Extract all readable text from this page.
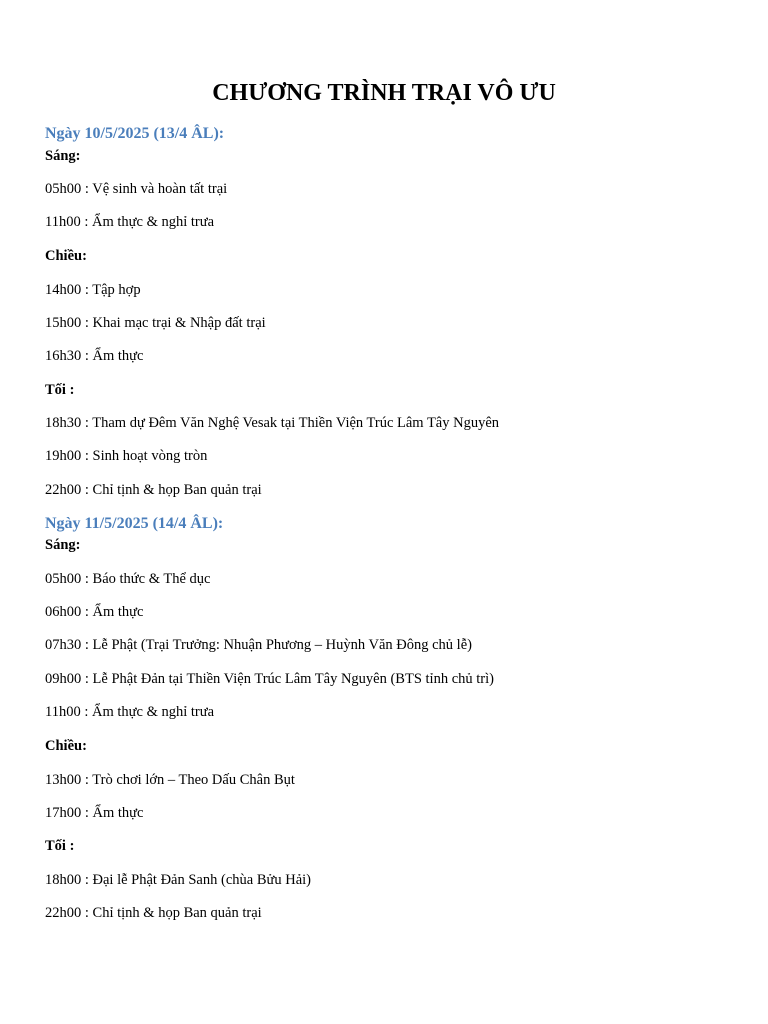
CHƯƠNG TRÌNH TRẠI VÔ ƯU
Ngày 10/5/2025 (13/4 ÂL):
Sáng:
05h00 : Vệ sinh và hoàn tất trại
11h00 : Ẩm thực & nghỉ trưa
Chiều:
14h00 : Tập hợp
15h00 : Khai mạc trại & Nhập đất trại
16h30 : Ẩm thực
Tối :
18h30 : Tham dự Đêm Văn Nghệ Vesak tại Thiền Viện Trúc Lâm Tây Nguyên
19h00 : Sinh hoạt vòng tròn
22h00 : Chỉ tịnh & họp Ban quản trại
Ngày 11/5/2025 (14/4 ÂL):
Sáng:
05h00 : Báo thức & Thể dục
06h00 : Ẩm thực
07h30 : Lễ Phật (Trại Trưởng: Nhuận Phương – Huỳnh Văn Đông chủ lễ)
09h00 : Lễ Phật Đản tại Thiền Viện Trúc Lâm Tây Nguyên (BTS tỉnh chủ trì)
11h00 : Ẩm thực & nghỉ trưa
Chiều:
13h00 : Trò chơi lớn – Theo Dấu Chân Bụt
17h00 : Ẩm thực
Tối :
18h00 : Đại lễ Phật Đản Sanh (chùa Bửu Hải)
22h00 : Chỉ tịnh & họp Ban quản trại
